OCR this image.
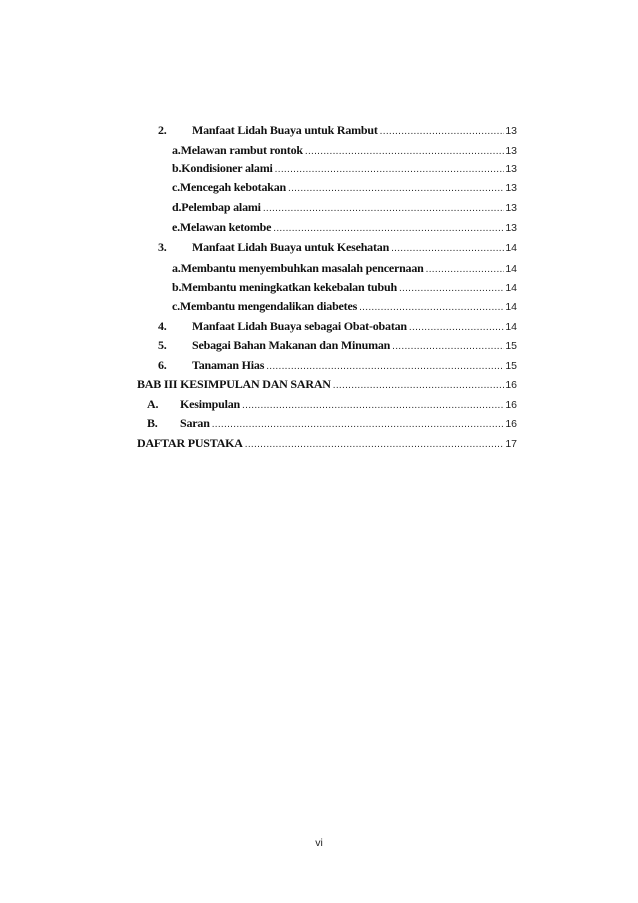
2.	Manfaat Lidah Buaya untuk Rambut .....	13
a.Melawan rambut rontok .....	13
b.Kondisioner alami .....	13
c.Mencegah kebotakan .....	13
d.Pelembap alami .....	13
e.Melawan ketombe .....	13
3.	Manfaat Lidah Buaya untuk Kesehatan .....	14
a.Membantu menyembuhkan masalah pencernaan .....	14
b.Membantu meningkatkan kekebalan tubuh .....	14
c.Membantu mengendalikan diabetes .....	14
4.	Manfaat Lidah Buaya sebagai Obat-obatan .....	14
5.	Sebagai Bahan Makanan dan Minuman .....	15
6.	Tanaman Hias .....	15
BAB III KESIMPULAN DAN SARAN .....	16
A.	Kesimpulan .....	16
B.	Saran .....	16
DAFTAR PUSTAKA .....	17
vi
